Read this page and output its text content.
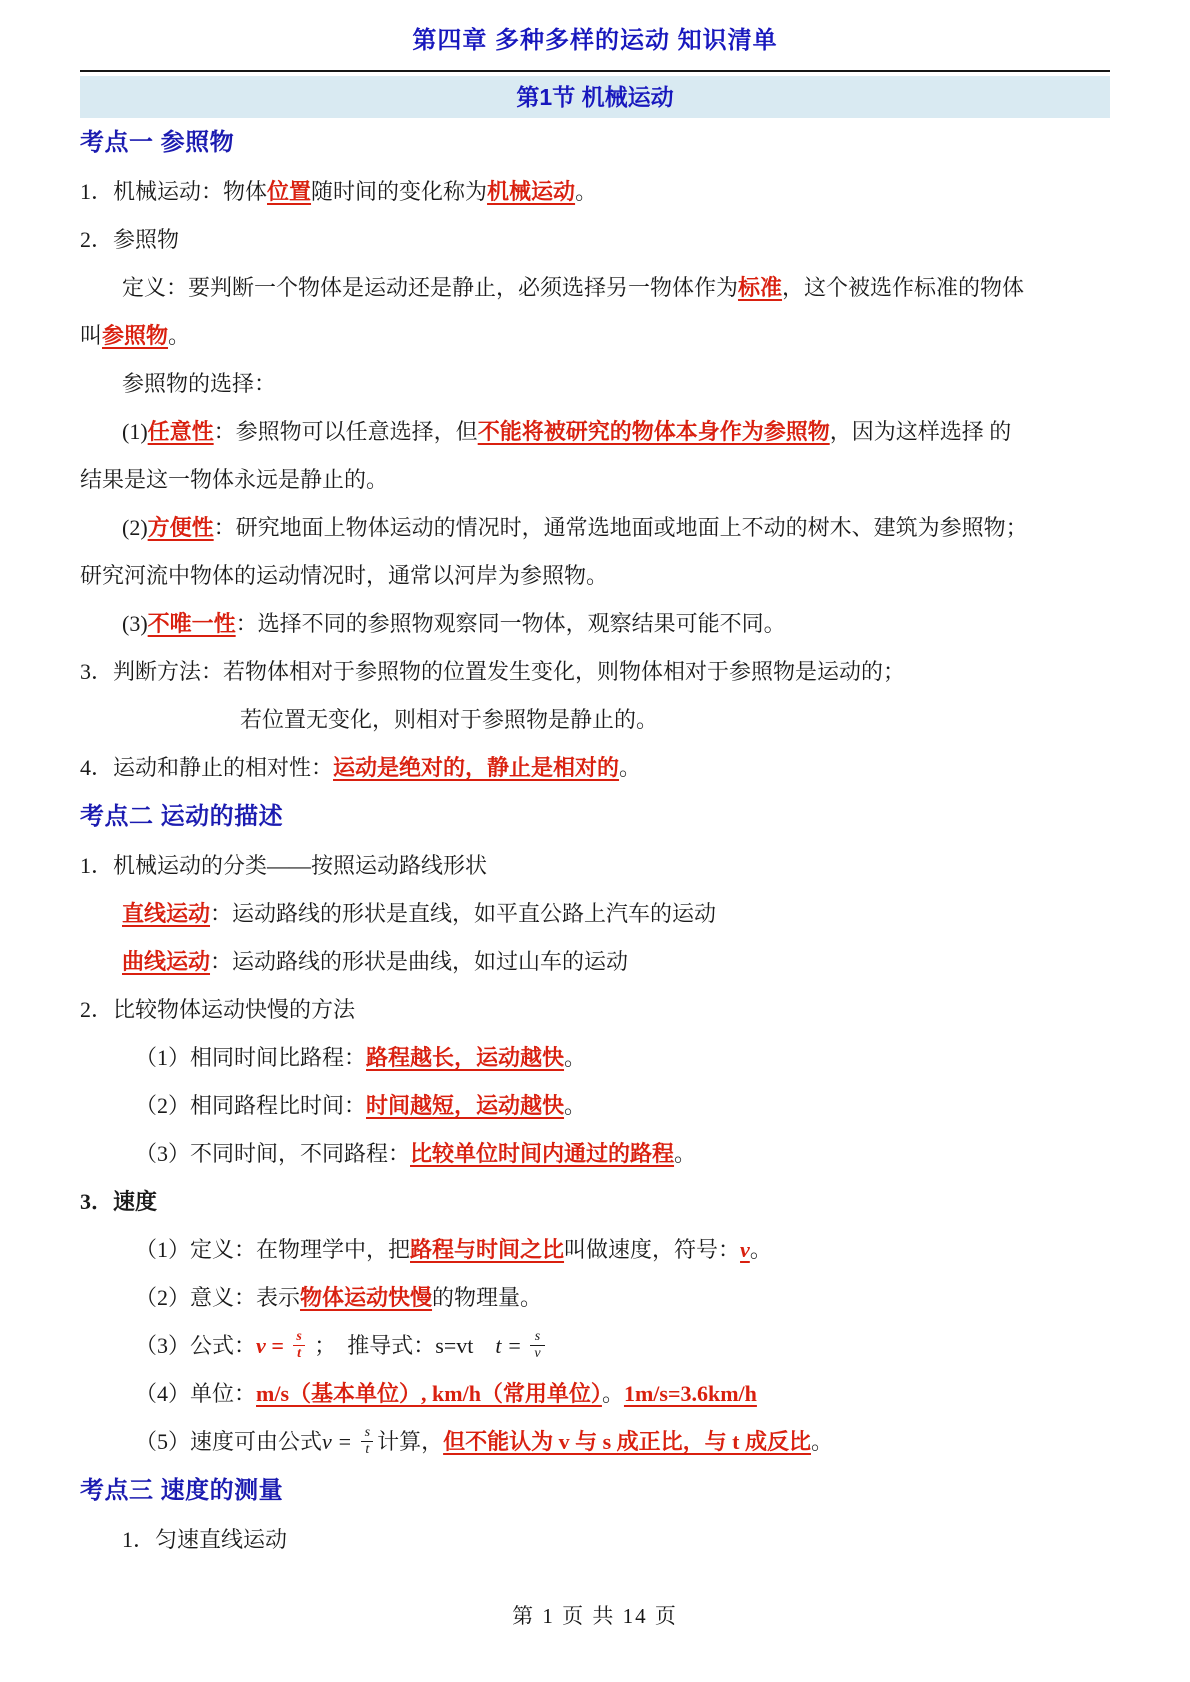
第四章 多种多样的运动 知识清单
第1节 机械运动
考点一 参照物
1．机械运动：物体位置随时间的变化称为机械运动。
2．参照物
定义：要判断一个物体是运动还是静止，必须选择另一物体作为标准，这个被选作标准的物体
叫参照物。
参照物的选择：
(1)任意性：参照物可以任意选择，但不能将被研究的物体本身作为参照物，因为这样选择 的
结果是这一物体永远是静止的。
(2)方便性：研究地面上物体运动的情况时，通常选地面或地面上不动的树木、建筑为参照物；
研究河流中物体的运动情况时，通常以河岸为参照物。
(3)不唯一性：选择不同的参照物观察同一物体，观察结果可能不同。
3．判断方法：若物体相对于参照物的位置发生变化，则物体相对于参照物是运动的；
若位置无变化，则相对于参照物是静止的。
4．运动和静止的相对性：运动是绝对的，静止是相对的。
考点二 运动的描述
1．机械运动的分类——按照运动路线形状
直线运动：运动路线的形状是直线，如平直公路上汽车的运动
曲线运动：运动路线的形状是曲线，如过山车的运动
2．比较物体运动快慢的方法
（1）相同时间比路程：路程越长，运动越快。
（2）相同路程比时间：时间越短，运动越快。
（3）不同时间，不同路程：比较单位时间内通过的路程。
3．速度
（1）定义：在物理学中，把路程与时间之比叫做速度，符号：v。
（2）意义：表示物体运动快慢的物理量。
（3）公式：$v = \frac{s}{t}$ ；  推导式：s=vt　$t = \frac{s}{v}$
（4）单位：m/s（基本单位）, km/h（常用单位）。1m/s=3.6km/h
（5）速度可由公式$v = \frac{s}{t}$ 计算，但不能认为 v 与 s 成正比，与 t 成反比。
考点三 速度的测量
1．匀速直线运动
第 1 页 共 14 页
